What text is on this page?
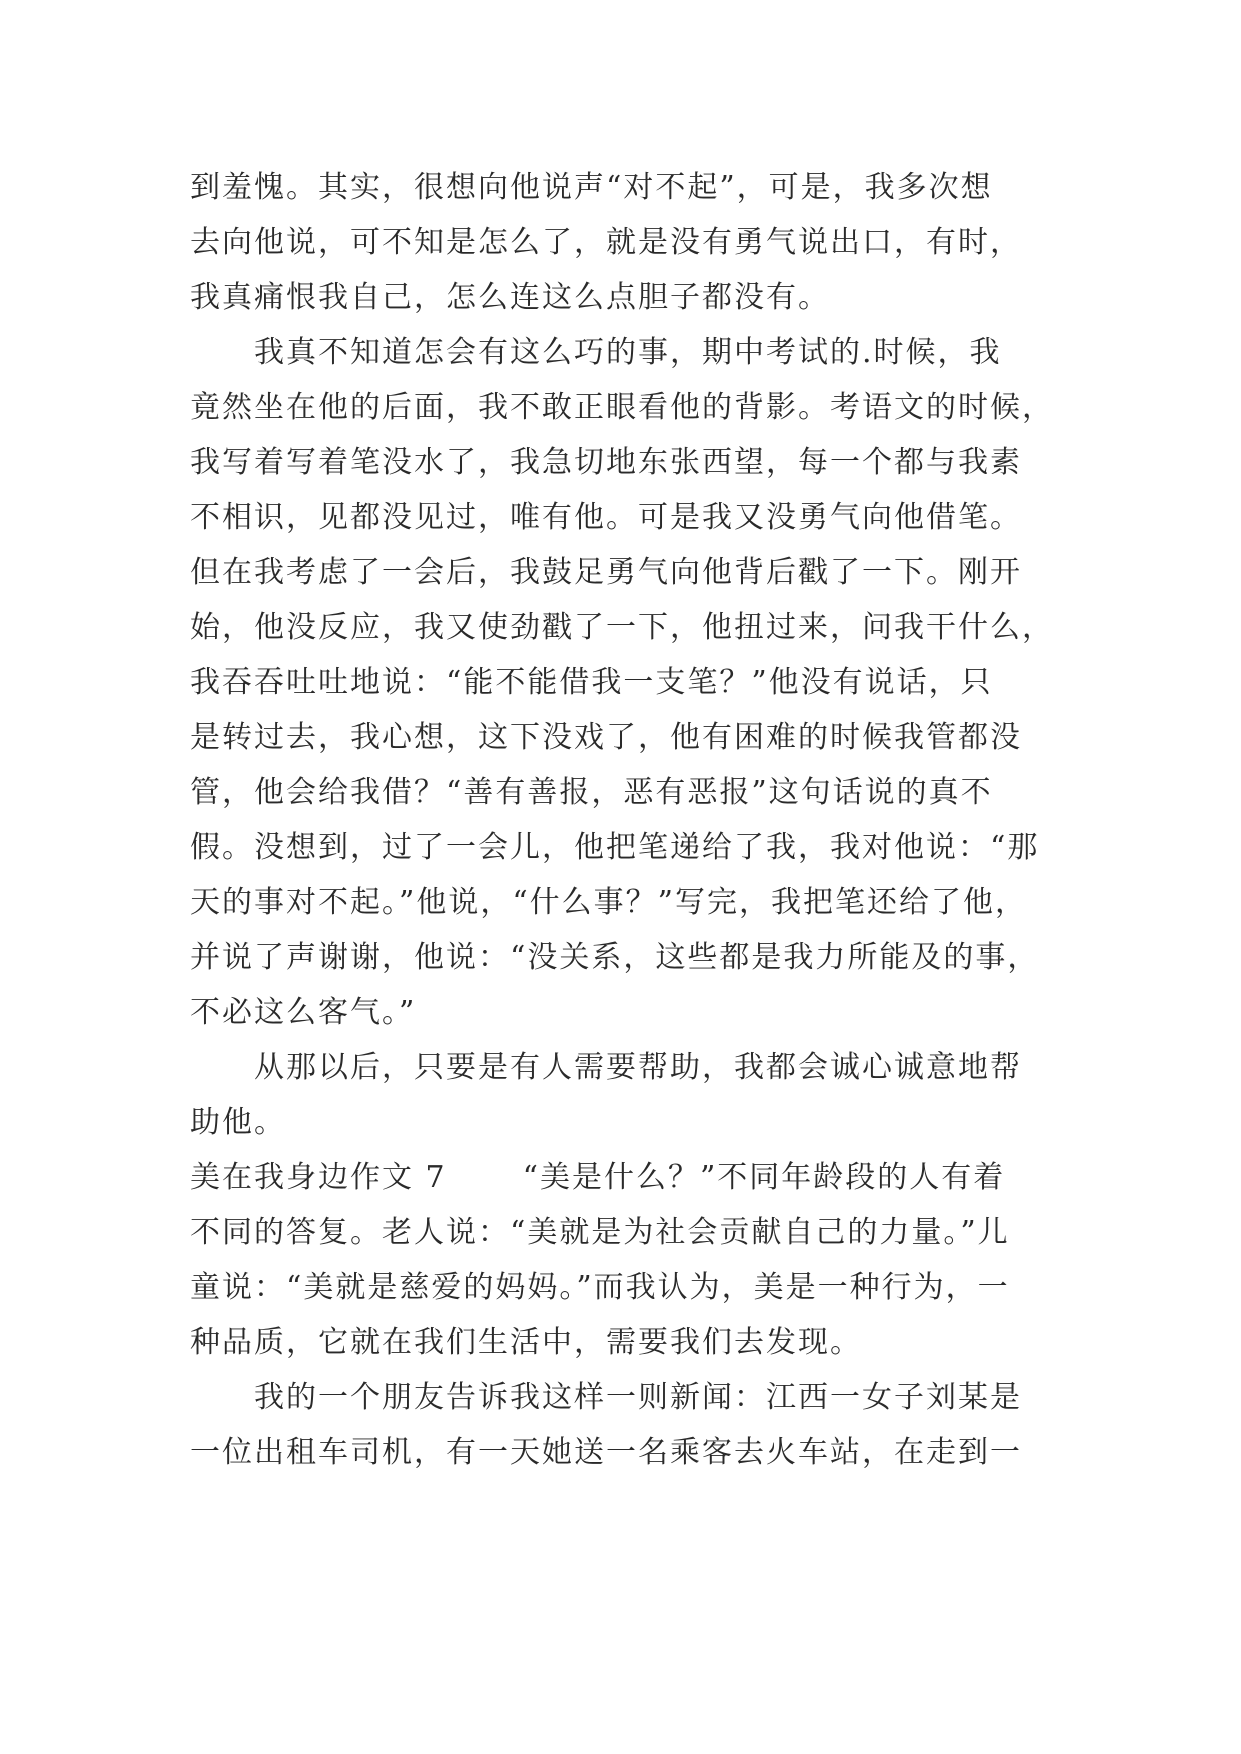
到羞愧。其实，很想向他说声“对不起”，可是，我多次想
去向他说，可不知是怎么了，就是没有勇气说出口，有时，
我真痛恨我自己，怎么连这么点胆子都没有。

我真不知道怎会有这么巧的事，期中考试的.时候，我
竟然坐在他的后面，我不敢正眼看他的背影。考语文的时候，
我写着写着笔没水了，我急切地东张西望，每一个都与我素
不相识，见都没见过，唯有他。可是我又没勇气向他借笔。
但在我考虑了一会后，我鼓足勇气向他背后戳了一下。刚开
始，他没反应，我又使劲戳了一下，他扭过来，问我干什么，
我吞吞吐吐地说：“能不能借我一支笔？”他没有说话，只
是转过去，我心想，这下没戏了，他有困难的时候我管都没
管，他会给我借？“善有善报，恶有恶报”这句话说的真不
假。没想到，过了一会儿，他把笔递给了我，我对他说：“那
天的事对不起。”他说，“什么事？”写完，我把笔还给了他，
并说了声谢谢，他说：“没关系，这些都是我力所能及的事，
不必这么客气。”

从那以后，只要是有人需要帮助，我都会诚心诚意地帮
助他。

美在我身边作文 7	“美是什么？”不同年龄段的人有着
不同的答复。老人说：“美就是为社会贡献自己的力量。”儿
童说：“美就是慈爱的妈妈。”而我认为，美是一种行为，一
种品质，它就在我们生活中，需要我们去发现。

我的一个朋友告诉我这样一则新闻：江西一女子刘某是
一位出租车司机，有一天她送一名乘客去火车站，在走到一
